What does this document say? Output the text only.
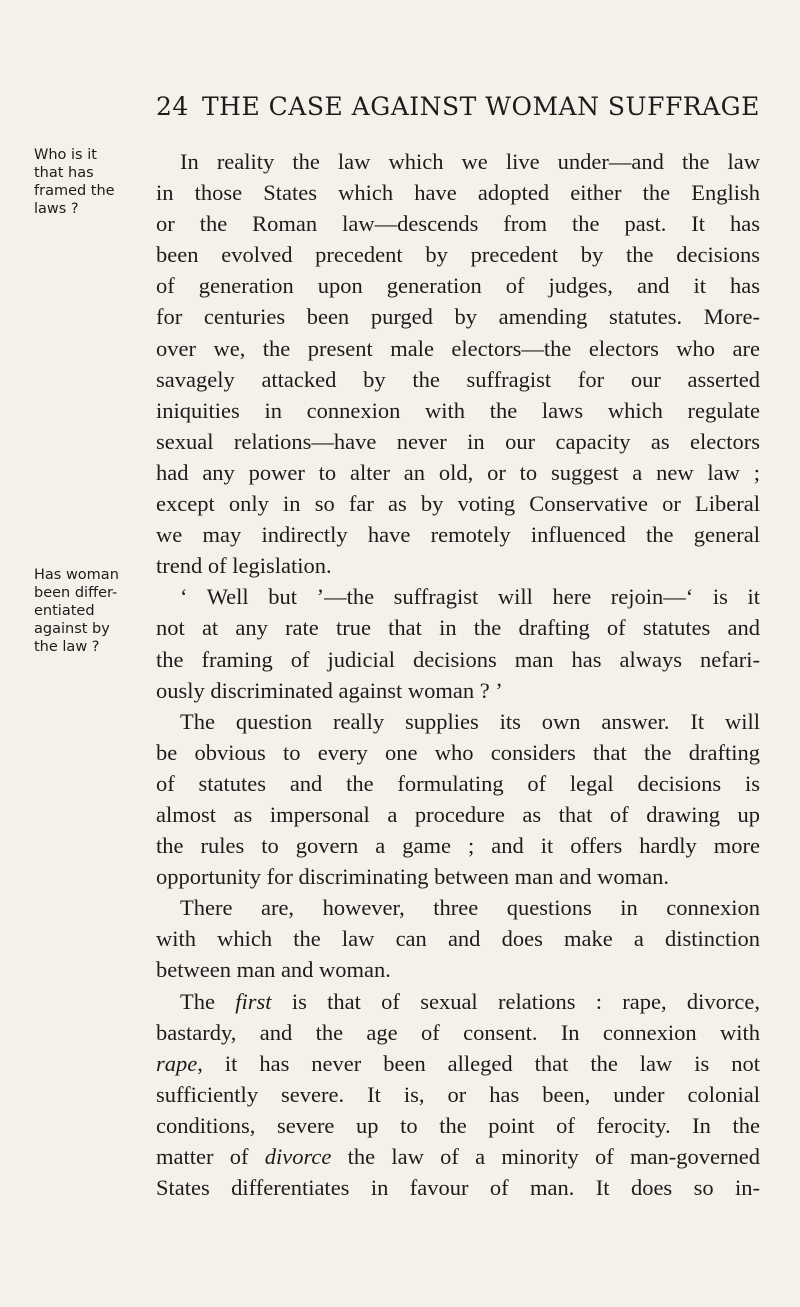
24 THE CASE AGAINST WOMAN SUFFRAGE
Who is it
that has
framed the
laws ?
Has woman
been differ-
entiated
against by
the law ?
In reality the law which we live under—and the law
in those States which have adopted either the English
or the Roman law—descends from the past. It has
been evolved precedent by precedent by the decisions
of generation upon generation of judges, and it has
for centuries been purged by amending statutes. More-
over we, the present male electors—the electors who are
savagely attacked by the suffragist for our asserted
iniquities in connexion with the laws which regulate
sexual relations—have never in our capacity as electors
had any power to alter an old, or to suggest a new law ;
except only in so far as by voting Conservative or Liberal
we may indirectly have remotely influenced the general
trend of legislation.
‘ Well but ’—the suffragist will here rejoin—‘ is it
not at any rate true that in the drafting of statutes and
the framing of judicial decisions man has always nefari-
ously discriminated against woman ? ’
The question really supplies its own answer. It will
be obvious to every one who considers that the drafting
of statutes and the formulating of legal decisions is
almost as impersonal a procedure as that of drawing up
the rules to govern a game ; and it offers hardly more
opportunity for discriminating between man and woman.
There are, however, three questions in connexion
with which the law can and does make a distinction
between man and woman.
The first is that of sexual relations : rape, divorce,
bastardy, and the age of consent. In connexion with
rape, it has never been alleged that the law is not
sufficiently severe. It is, or has been, under colonial
conditions, severe up to the point of ferocity. In the
matter of divorce the law of a minority of man-governed
States differentiates in favour of man. It does so in-
